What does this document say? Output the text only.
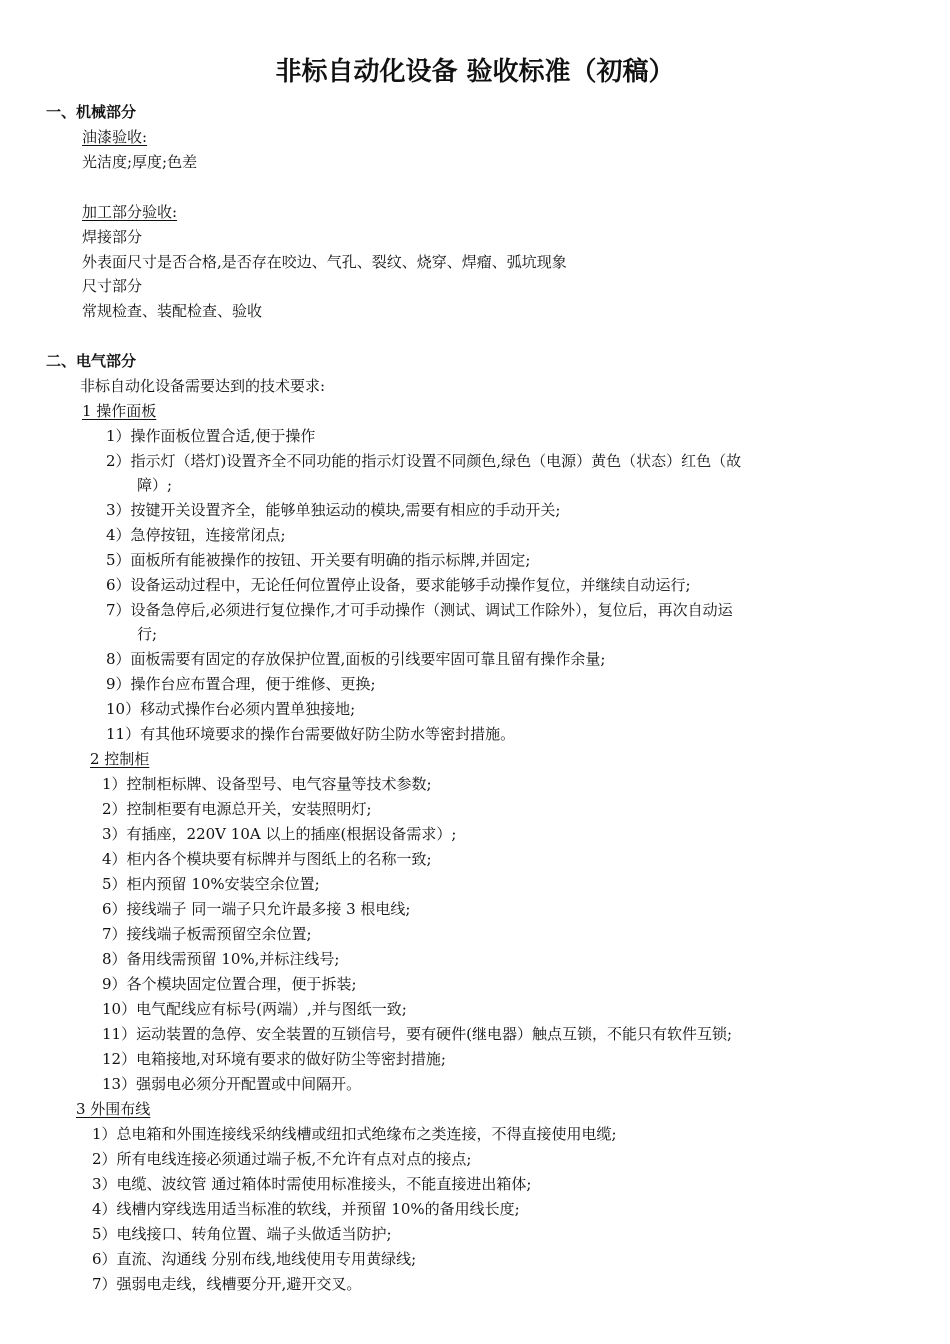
非标自动化设备 验收标准（初稿）
一、机械部分
油漆验收:
光洁度;厚度;色差
加工部分验收:
焊接部分
外表面尺寸是否合格,是否存在咬边、气孔、裂纹、烧穿、焊瘤、弧坑现象
尺寸部分
常规检查、装配检查、验收
二、电气部分
非标自动化设备需要达到的技术要求:
1 操作面板
1）操作面板位置合适,便于操作
2）指示灯（塔灯)设置齐全不同功能的指示灯设置不同颜色,绿色（电源）黄色（状态）红色（故
障）;
3）按键开关设置齐全，能够单独运动的模块,需要有相应的手动开关;
4）急停按钮，连接常闭点;
5）面板所有能被操作的按钮、开关要有明确的指示标牌,并固定;
6）设备运动过程中，无论任何位置停止设备，要求能够手动操作复位，并继续自动运行;
7）设备急停后,必须进行复位操作,才可手动操作（测试、调试工作除外），复位后，再次自动运
行;
8）面板需要有固定的存放保护位置,面板的引线要牢固可靠且留有操作余量;
9）操作台应布置合理，便于维修、更换;
10）移动式操作台必须内置单独接地;
11）有其他环境要求的操作台需要做好防尘防水等密封措施。
2 控制柜
1）控制柜标牌、设备型号、电气容量等技术参数;
2）控制柜要有电源总开关，安装照明灯;
3）有插座，220V 10A 以上的插座(根据设备需求）;
4）柜内各个模块要有标牌并与图纸上的名称一致;
5）柜内预留 10%安装空余位置;
6）接线端子 同一端子只允许最多接 3 根电线;
7）接线端子板需预留空余位置;
8）备用线需预留 10%,并标注线号;
9）各个模块固定位置合理，便于拆装;
10）电气配线应有标号(两端）,并与图纸一致;
11）运动装置的急停、安全装置的互锁信号，要有硬件(继电器）触点互锁，不能只有软件互锁;
12）电箱接地,对环境有要求的做好防尘等密封措施;
13）强弱电必须分开配置或中间隔开。
3 外围布线
1）总电箱和外围连接线采纳线槽或纽扣式绝缘布之类连接，不得直接使用电缆;
2）所有电线连接必须通过端子板,不允许有点对点的接点;
3）电缆、波纹管 通过箱体时需使用标准接头，不能直接进出箱体;
4）线槽内穿线选用适当标准的软线，并预留 10%的备用线长度;
5）电线接口、转角位置、端子头做适当防护;
6）直流、沟通线 分别布线,地线使用专用黄绿线;
7）强弱电走线，线槽要分开,避开交叉。
